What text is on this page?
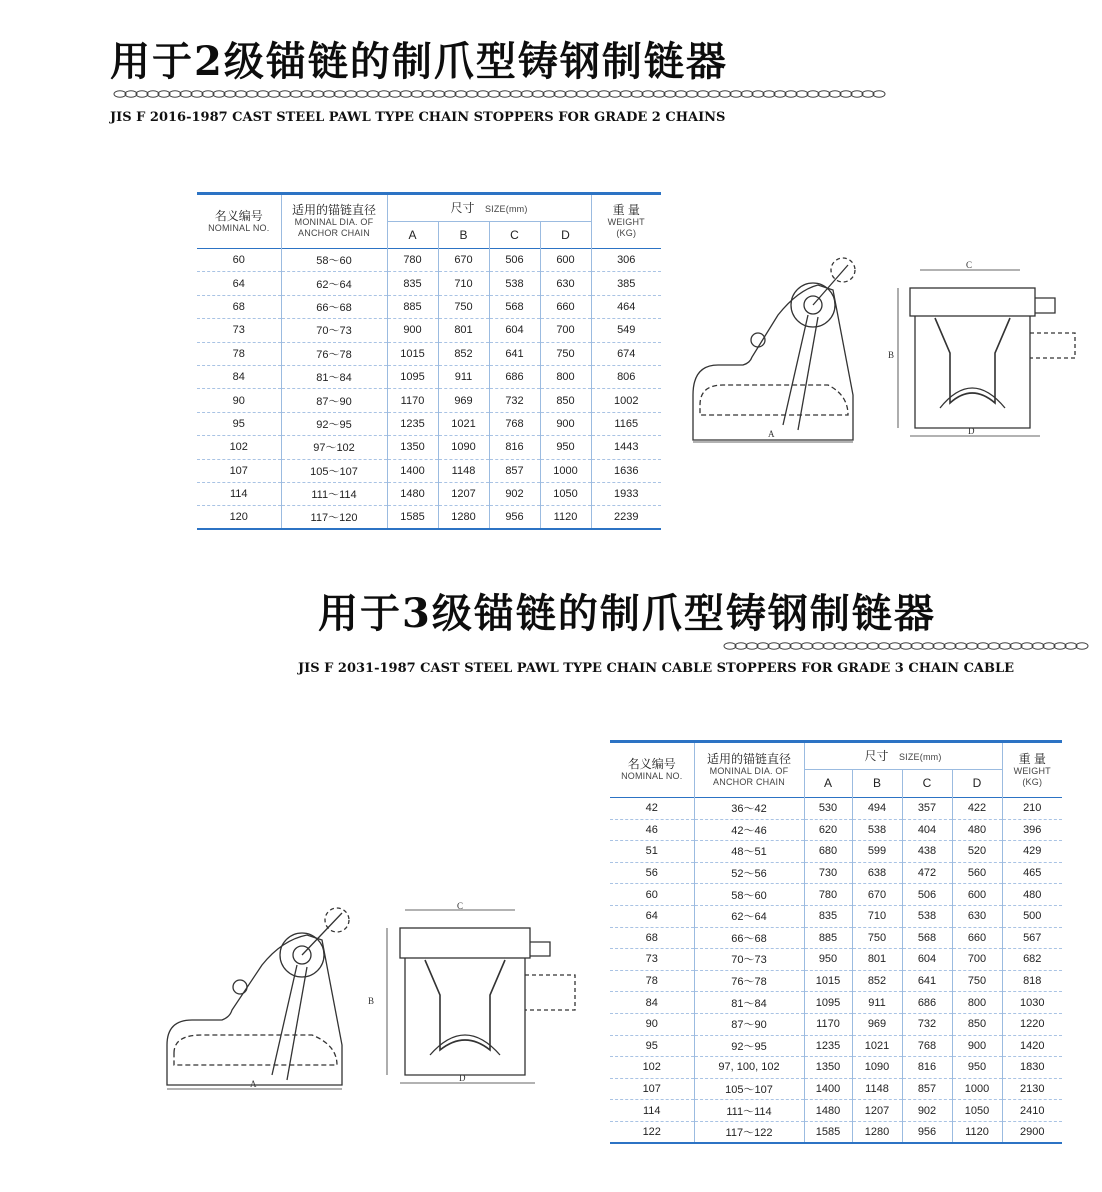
用于2级锚链的制爪型铸钢制链器
JIS F 2016-1987 CAST STEEL PAWL TYPE CHAIN STOPPERS FOR GRADE 2 CHAINS
名义编号
NOMINAL NO.	适用的锚链直径
MONINAL DIA. OF
ANCHOR CHAIN	尺寸 SIZE(mm)				重 量
WEIGHT
(KG)

		A	B	C	D	

60	58～60	780	670	506	600	306
64	62～64	835	710	538	630	385
68	66～68	885	750	568	660	464
73	70～73	900	801	604	700	549
78	76～78	1015	852	641	750	674
84	81～84	1095	911	686	800	806
90	87～90	1170	969	732	850	1002
95	92～95	1235	1021	768	900	1165
102	97～102	1350	1090	816	950	1443
107	105～107	1400	1148	857	1000	1636
114	111～114	1480	1207	902	1050	1933
120	117～120	1585	1280	956	1120	2239
A
C
B
D
用于3级锚链的制爪型铸钢制链器
JIS F 2031-1987 CAST STEEL PAWL TYPE CHAIN CABLE STOPPERS FOR GRADE 3 CHAIN CABLE
名义编号
NOMINAL NO.	适用的锚链直径
MONINAL DIA. OF
ANCHOR CHAIN	尺寸 SIZE(mm)				重 量
WEIGHT
(KG)

		A	B	C	D	

42	36～42	530	494	357	422	210
46	42～46	620	538	404	480	396
51	48～51	680	599	438	520	429
56	52～56	730	638	472	560	465
60	58～60	780	670	506	600	480
64	62～64	835	710	538	630	500
68	66～68	885	750	568	660	567
73	70～73	950	801	604	700	682
78	76～78	1015	852	641	750	818
84	81～84	1095	911	686	800	1030
90	87～90	1170	969	732	850	1220
95	92～95	1235	1021	768	900	1420
102	97, 100, 102	1350	1090	816	950	1830
107	105～107	1400	1148	857	1000	2130
114	111～114	1480	1207	902	1050	2410
122	117～122	1585	1280	956	1120	2900
A
C
B
D
